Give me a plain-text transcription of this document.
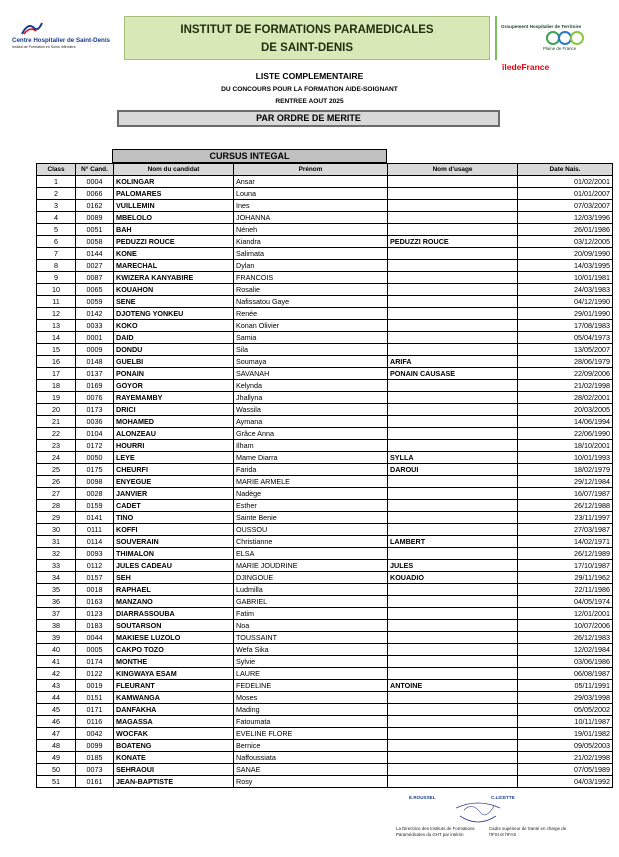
Centre Hospitalier de Saint-Denis
Institut de Formation en Soins Infirmiers
INSTITUT DE FORMATIONS PARAMEDICALES
DE SAINT-DENIS
Groupement Hospitalier de Territoire
Plaine de France
îledeFrance
LISTE COMPLEMENTAIRE
DU CONCOURS POUR LA FORMATION AIDE-SOIGNANT
RENTREE AOUT 2025
PAR ORDRE DE MERITE
CURSUS INTEGAL
Class	N° Cand.	Nom du candidat	Prénom	Nom d'usage	Date Nais.
1	0004	KOLINGAR	Ansar		01/02/2001
2	0066	PALOMARES	Louna		01/01/2007
3	0162	VUILLEMIN	Ines		07/03/2007
4	0089	MBELOLO	JOHANNA		12/03/1996
5	0051	BAH	Néneh		26/01/1986
6	0058	PEDUZZI ROUCE	Kiandra	PEDUZZI ROUCE	03/12/2005
7	0144	KONE	Salimata		20/09/1990
8	0027	MARECHAL	Dylan		14/03/1995
9	0087	KWIZERA KANYABIRE	FRANCOIS		10/01/1981
10	0065	KOUAHON	Rosalie		24/03/1983
11	0059	SENE	Nafissatou Gaye		04/12/1990
12	0142	DJOTENG YONKEU	Renée		29/01/1990
13	0033	KOKO	Konan Olivier		17/08/1983
14	0001	DAID	Samia		05/04/1973
15	0009	DONDU	Sila		13/05/2007
16	0148	GUELBI	Soumaya	ARIFA	28/06/1979
17	0137	PONAIN	SAVANAH	PONAIN CAUSASE	22/09/2006
18	0169	GOYOR	Kelynda		21/02/1998
19	0076	RAYEMAMBY	Jhallyna		28/02/2001
20	0173	DRICI	Wassila		20/03/2005
21	0036	MOHAMED	Aymana		14/06/1994
22	0104	ALONZEAU	Grâce Anna		22/06/1990
23	0172	HOURRI	Ilham		18/10/2001
24	0050	LEYE	Mame Diarra	SYLLA	10/01/1993
25	0175	CHEURFI	Farida	DAROUI	18/02/1979
26	0098	ENYEGUE	MARIE ARMELE		29/12/1984
27	0028	JANVIER	Nadège		16/07/1987
28	0159	CADET	Esther		26/12/1988
29	0141	TINO	Sainte Benie		23/11/1997
30	0111	KOFFI	OUSSOU		27/03/1987
31	0114	SOUVERAIN	Christianne	LAMBERT	14/02/1971
32	0093	THIMALON	ELSA		26/12/1989
33	0112	JULES CADEAU	MARIE JOUDRINE	JULES	17/10/1987
34	0157	SEH	DJINGOUE	KOUADIO	29/11/1962
35	0018	RAPHAEL	Ludmilla		22/11/1986
36	0163	MANZANO	GABRIEL		04/05/1974
37	0123	DIARRASSOUBA	Fatim		12/01/2001
38	0183	SOUTARSON	Noa		10/07/2006
39	0044	MAKIESE LUZOLO	TOUSSAINT		26/12/1983
40	0005	CAKPO TOZO	Wefa Sika		12/02/1984
41	0174	MONTHE	Sylvie		03/06/1986
42	0122	KINGWAYA ESAM	LAURE		06/08/1987
43	0019	FLEURANT	FEDELINE	ANTOINE	05/11/1991
44	0151	KAMWANGA	Moses		29/03/1998
45	0171	DANFAKHA	Mading		05/05/2002
46	0116	MAGASSA	Fatoumata		10/11/1987
47	0042	WOCFAK	EVELINE FLORE		19/01/1982
48	0099	BOATENG	Bernice		09/05/2003
49	0185	KONATE	Naffoussiata		21/02/1998
50	0073	SEHRAOUI	SANAE		07/05/1989
51	0161	JEAN-BAPTISTE	Rosy		04/03/1992
E.ROUSSEL	C.LICETTE
La Directrice des Instituts de Formations Paramédicales du GHT par intérim
Cadre supérieur de Santé en charge de l'IFSI et l'IFAS
